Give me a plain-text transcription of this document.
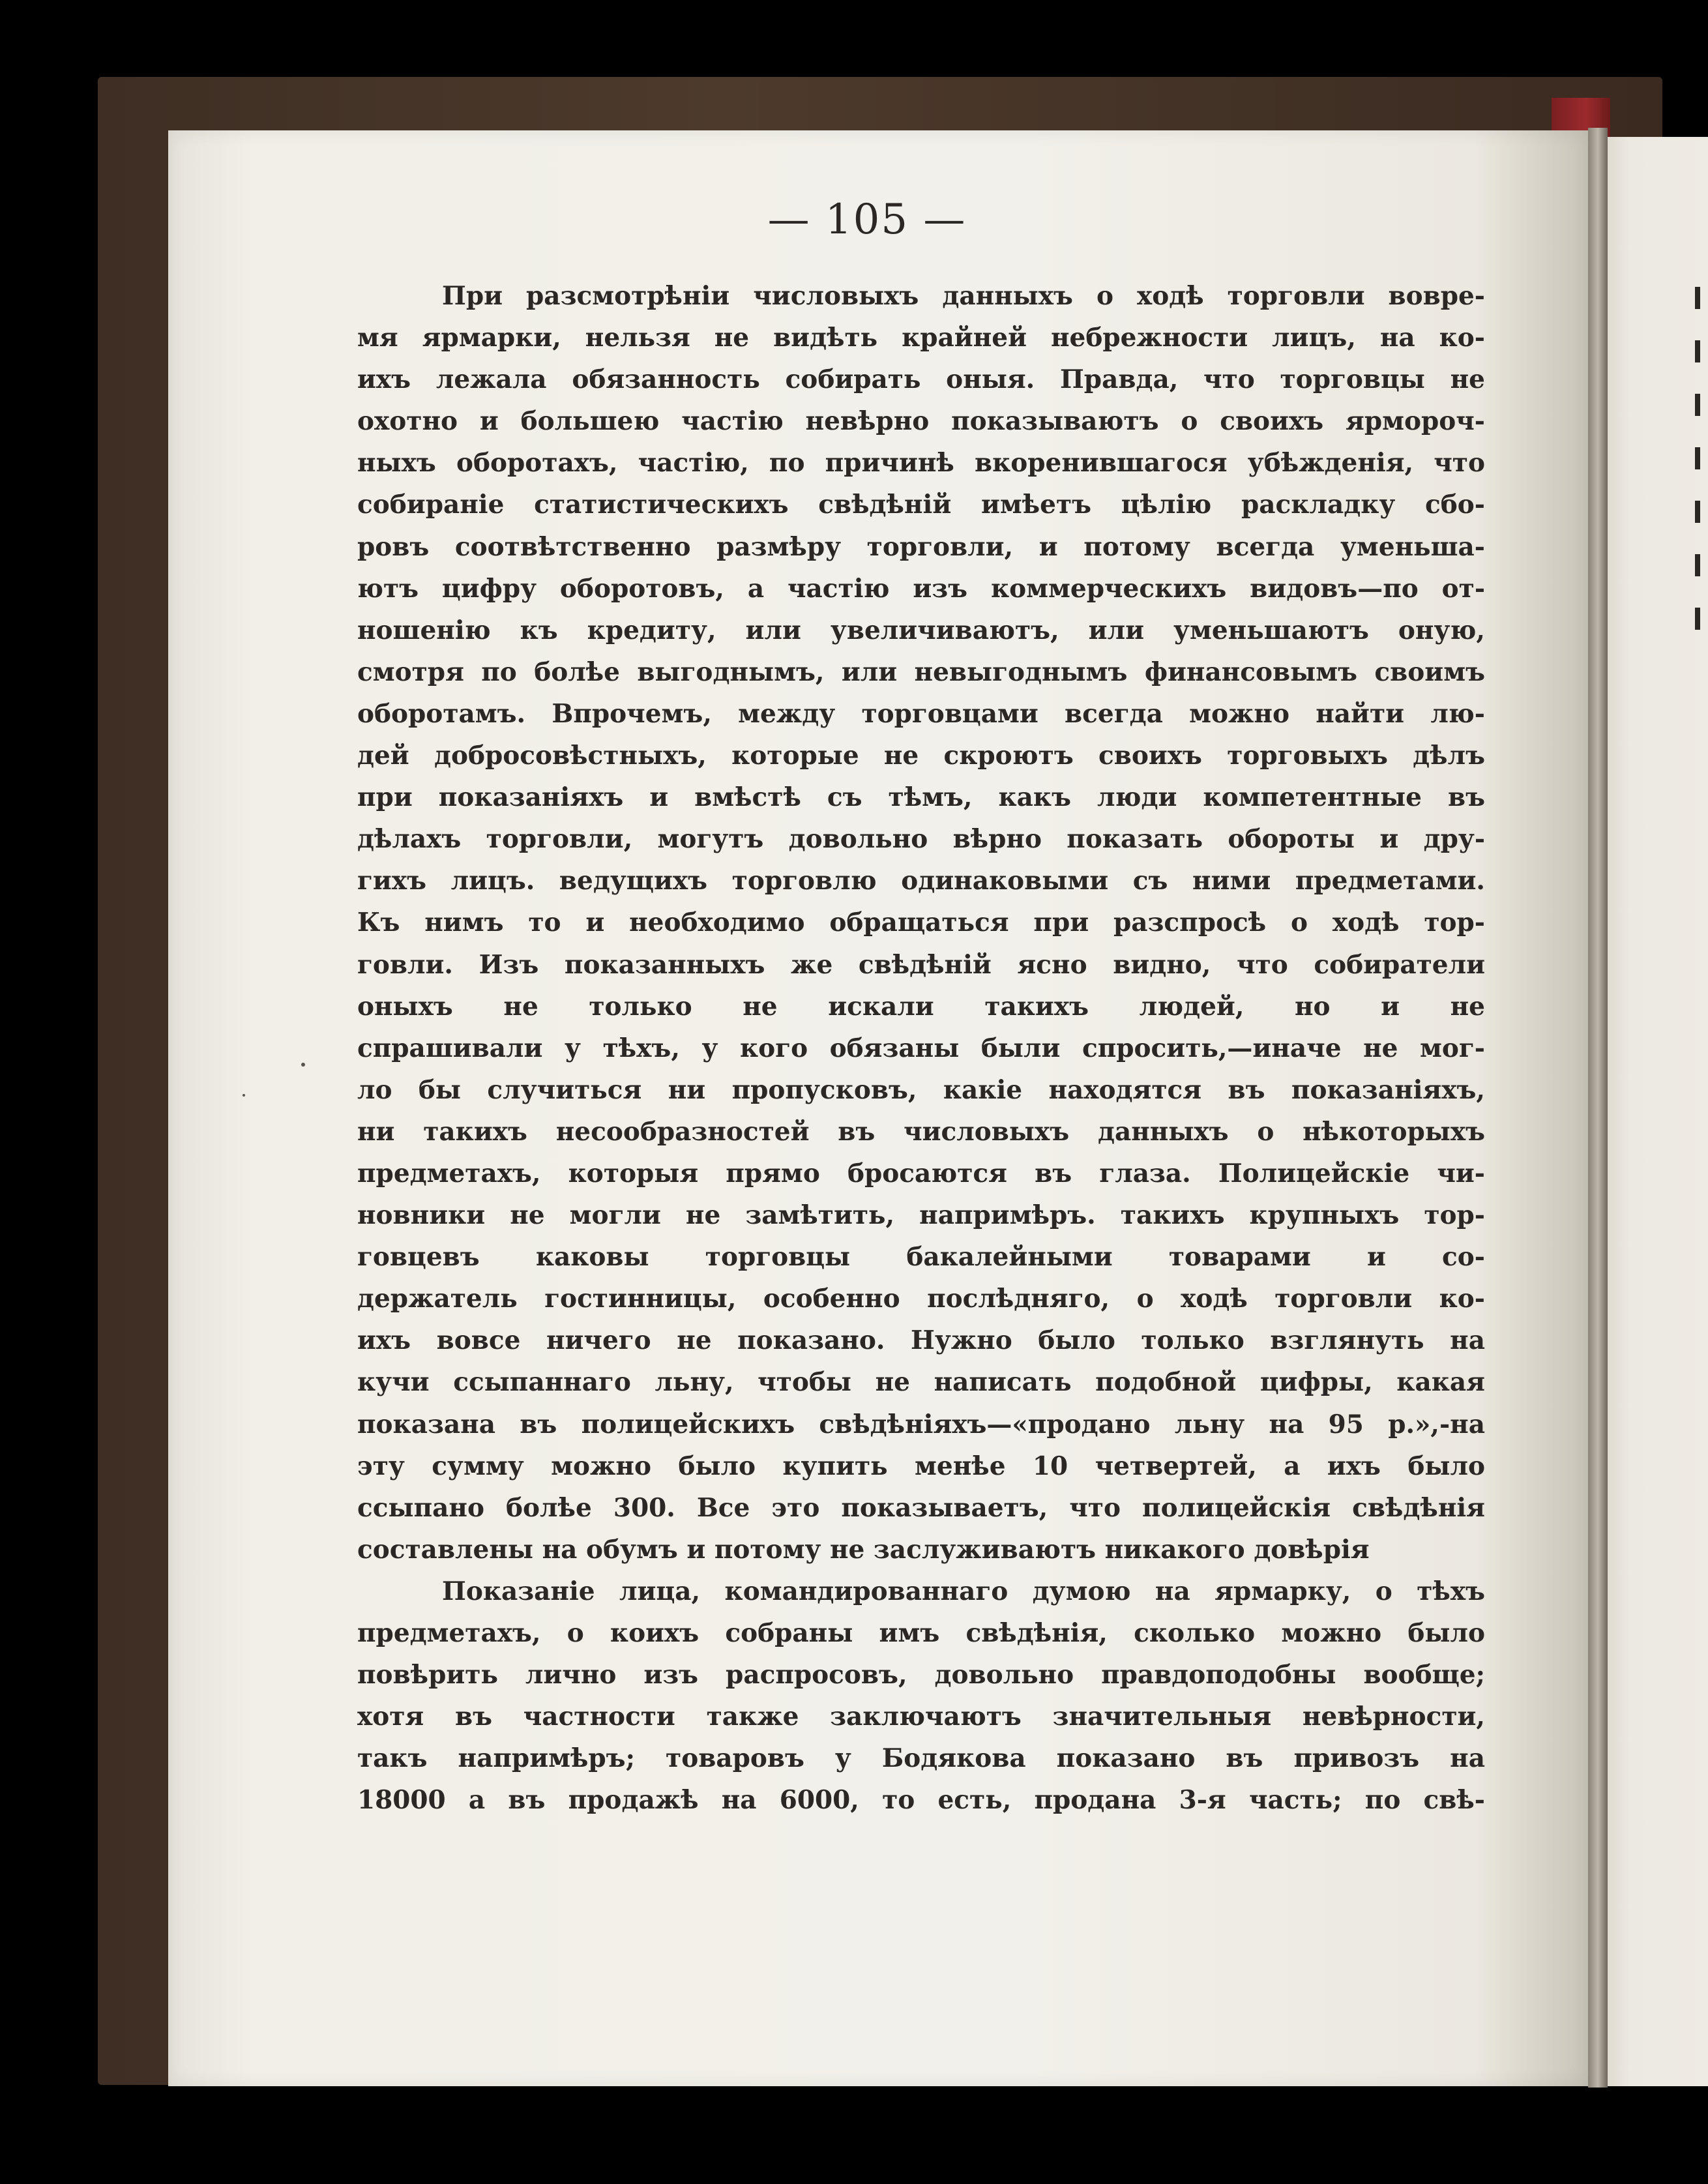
— 105 —
При разсмотрѣніи числовыхъ данныхъ о ходѣ торговли вовре-
мя ярмарки, нельзя не видѣть крайней небрежности лицъ, на ко-
ихъ лежала обязанность собирать оныя. Правда, что торговцы не
охотно и большею частію невѣрно показываютъ о своихъ ярмороч-
ныхъ оборотахъ, частію, по причинѣ вкоренившагося убѣжденія, что
собираніе статистическихъ свѣдѣній имѣетъ цѣлію раскладку сбо-
ровъ соотвѣтственно размѣру торговли, и потому всегда уменьша-
ютъ цифру оборотовъ, а частію изъ коммерческихъ видовъ—по от-
ношенію къ кредиту, или увеличиваютъ, или уменьшаютъ оную,
смотря по болѣе выгоднымъ, или невыгоднымъ финансовымъ своимъ
оборотамъ. Впрочемъ, между торговцами всегда можно найти лю-
дей добросовѣстныхъ, которые не скроютъ своихъ торговыхъ дѣлъ
при показаніяхъ и вмѣстѣ съ тѣмъ, какъ люди компетентные въ
дѣлахъ торговли, могутъ довольно вѣрно показать обороты и дру-
гихъ лицъ. ведущихъ торговлю одинаковыми съ ними предметами.
Къ нимъ то и необходимо обращаться при разспросѣ о ходѣ тор-
говли. Изъ показанныхъ же свѣдѣній ясно видно, что собиратели
оныхъ не только не искали такихъ людей, но и не
спрашивали у тѣхъ, у кого обязаны были спросить,—иначе не мог-
ло бы случиться ни пропусковъ, какіе находятся въ показаніяхъ,
ни такихъ несообразностей въ числовыхъ данныхъ о нѣкоторыхъ
предметахъ, которыя прямо бросаются въ глаза. Полицейскіе чи-
новники не могли не замѣтить, напримѣръ. такихъ крупныхъ тор-
говцевъ каковы торговцы бакалейными товарами и со-
держатель гостинницы, особенно послѣдняго, о ходѣ торговли ко-
ихъ вовсе ничего не показано. Нужно было только взглянуть на
кучи ссыпаннаго льну, чтобы не написать подобной цифры, какая
показана въ полицейскихъ свѣдѣніяхъ—«продано льну на 95 р.»,-на
эту сумму можно было купить менѣе 10 четвертей, а ихъ было
ссыпано болѣе 300. Все это показываетъ, что полицейскія свѣдѣнія
составлены на обумъ и потому не заслуживаютъ никакого довѣрія
Показаніе лица, командированнаго думою на ярмарку, о тѣхъ
предметахъ, о коихъ собраны имъ свѣдѣнія, сколько можно было
повѣрить лично изъ распросовъ, довольно правдоподобны вообще;
хотя въ частности также заключаютъ значительныя невѣрности,
такъ напримѣръ; товаровъ у Бодякова показано въ привозъ на
18000 а въ продажѣ на 6000, то есть, продана 3-я часть; по свѣ-
